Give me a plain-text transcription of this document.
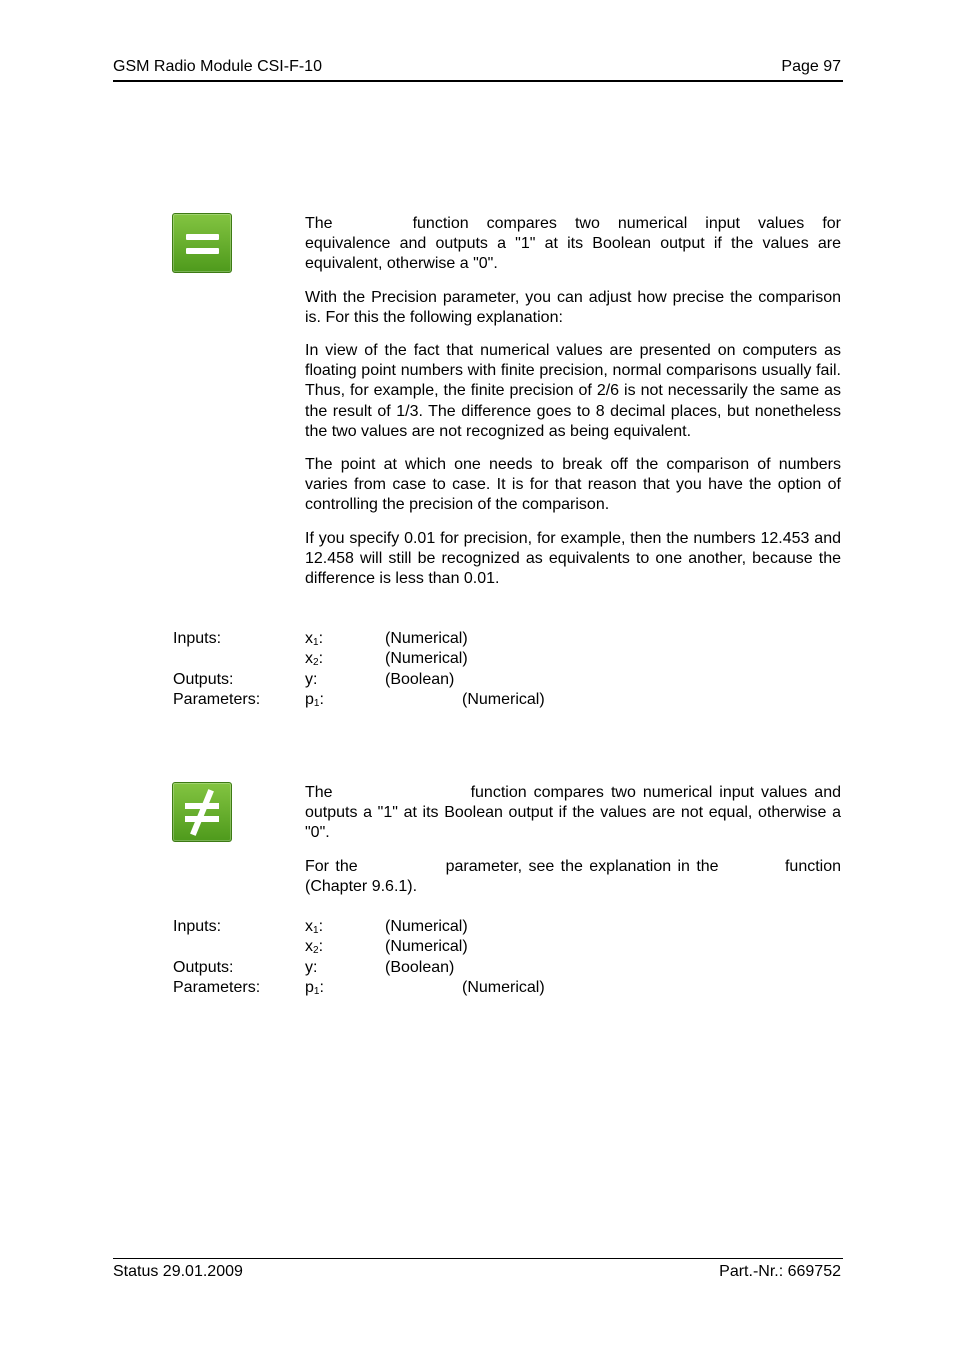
GSM Radio Module CSI-F-10	Page 97

The	function compares two numerical input values for equivalence and outputs a "1" at its Boolean output if the values are equivalent, otherwise a "0".

With the Precision parameter, you can adjust how precise the comparison is. For this the following explanation:

In view of the fact that numerical values are presented on computers as floating point numbers with finite precision, normal comparisons usually fail. Thus, for example, the finite precision of 2/6 is not necessarily the same as the result of 1/3. The difference goes to 8 decimal places, but nonetheless the two values are not recognized as being equivalent.

The point at which one needs to break off the comparison of numbers varies from case to case. It is for that reason that you have the option of controlling the precision of the comparison.

If you specify 0.01 for precision, for example, then the numbers 12.453 and 12.458 will still be recognized as equivalents to one another, because the difference is less than 0.01.

Inputs:	$x_1$:	(Numerical)
$x_2$:	(Numerical)
Outputs:	y:	(Boolean)
Parameters:	$p_1$:	(Numerical)

The	function compares two numerical input values and outputs a "1" at its Boolean output if the values are not equal, otherwise a "0".

For the	parameter, see the explanation in the	function (Chapter 9.6.1).

Inputs:	$x_1$:	(Numerical)
$x_2$:	(Numerical)
Outputs:	y:	(Boolean)
Parameters:	$p_1$:	(Numerical)
Status 29.01.2009	Part.-Nr.: 669752
